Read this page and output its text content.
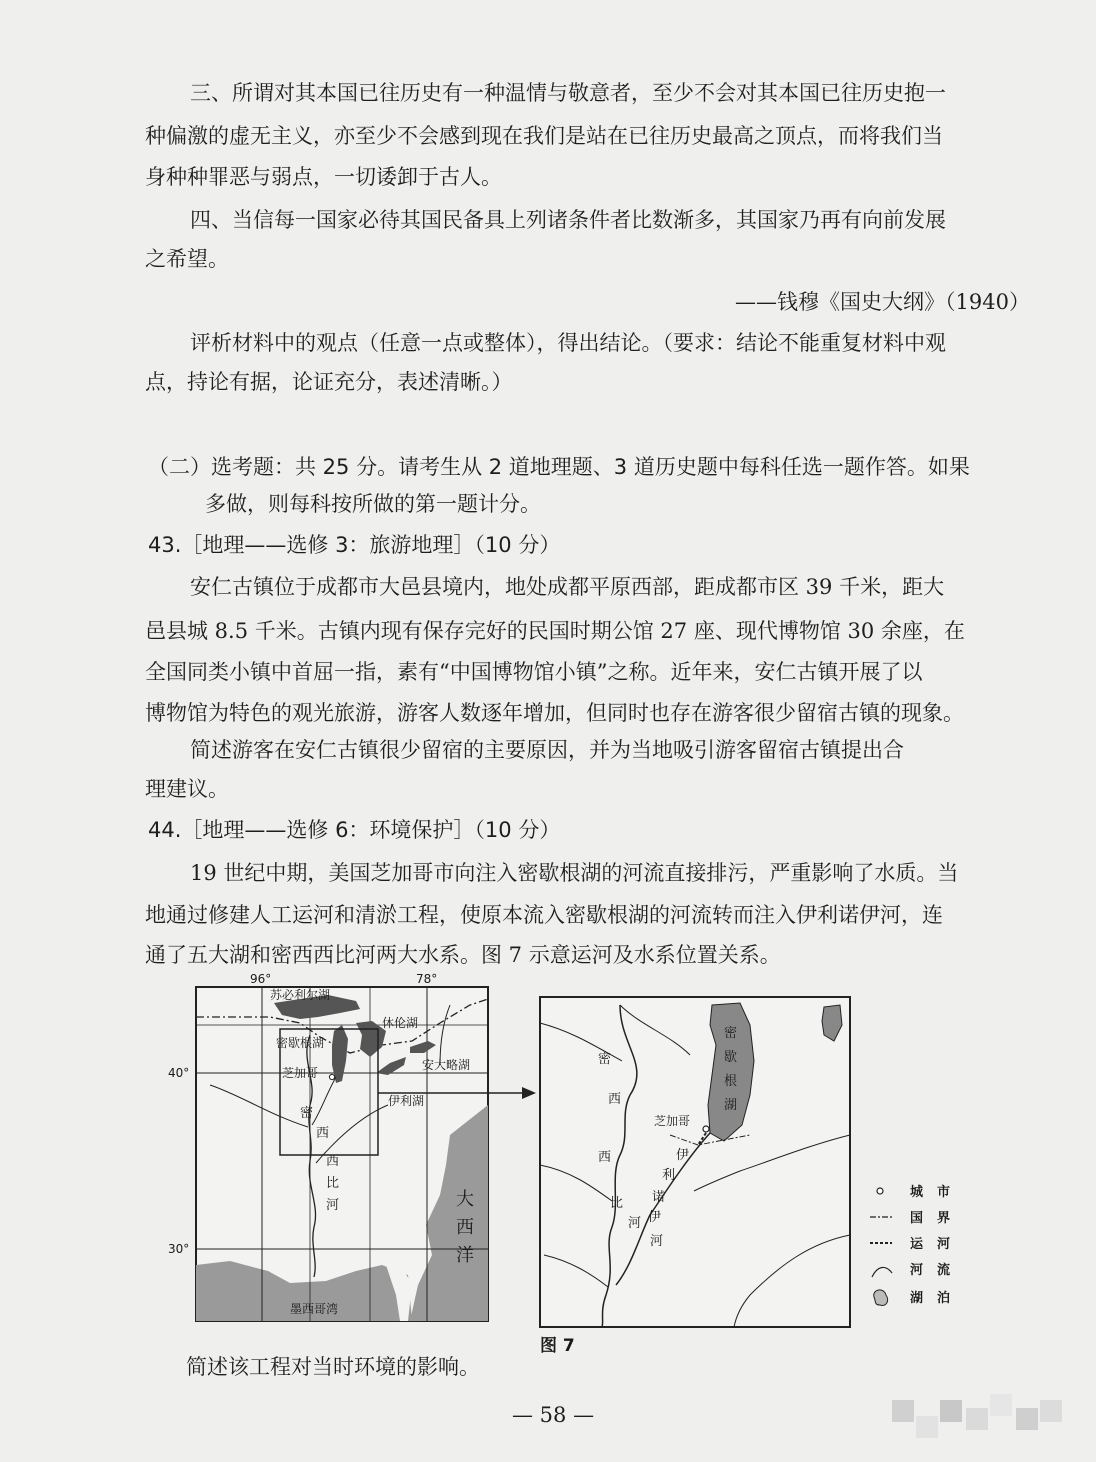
三、所谓对其本国已往历史有一种温情与敬意者，至少不会对其本国已往历史抱一
种偏激的虚无主义，亦至少不会感到现在我们是站在已往历史最高之顶点，而将我们当
身种种罪恶与弱点，一切诿卸于古人。
四、当信每一国家必待其国民备具上列诸条件者比数渐多，其国家乃再有向前发展
之希望。
——钱穆《国史大纲》（1940）
评析材料中的观点（任意一点或整体），得出结论。（要求：结论不能重复材料中观
点，持论有据，论证充分，表述清晰。）
（二）选考题：共 25 分。请考生从 2 道地理题、3 道历史题中每科任选一题作答。如果
多做，则每科按所做的第一题计分。
43.［地理——选修 3：旅游地理］（10 分）
安仁古镇位于成都市大邑县境内，地处成都平原西部，距成都市区 39 千米，距大
邑县城 8.5 千米。古镇内现有保存完好的民国时期公馆 27 座、现代博物馆 30 余座，在
全国同类小镇中首屈一指，素有“中国博物馆小镇”之称。近年来，安仁古镇开展了以
博物馆为特色的观光旅游，游客人数逐年增加，但同时也存在游客很少留宿古镇的现象。
简述游客在安仁古镇很少留宿的主要原因，并为当地吸引游客留宿古镇提出合
理建议。
44.［地理——选修 6：环境保护］（10 分）
19 世纪中期，美国芝加哥市向注入密歇根湖的河流直接排污，严重影响了水质。当
地通过修建人工运河和清淤工程，使原本流入密歇根湖的河流转而注入伊利诺伊河，连
通了五大湖和密西西比河两大水系。图 7 示意运河及水系位置关系。
96°	78°
40°
30°
苏必利尔湖
休伦湖
密歇根湖
安大略湖
伊利湖
芝加哥
密
西
西
比
河	大
西
洋
墨西哥湾
密
歇
根
湖
芝加哥
密
西
西
比
河
伊
利
诺
伊
河
城市
国界
运河
河流
湖泊
图 7
简述该工程对当时环境的影响。
— 58 —
